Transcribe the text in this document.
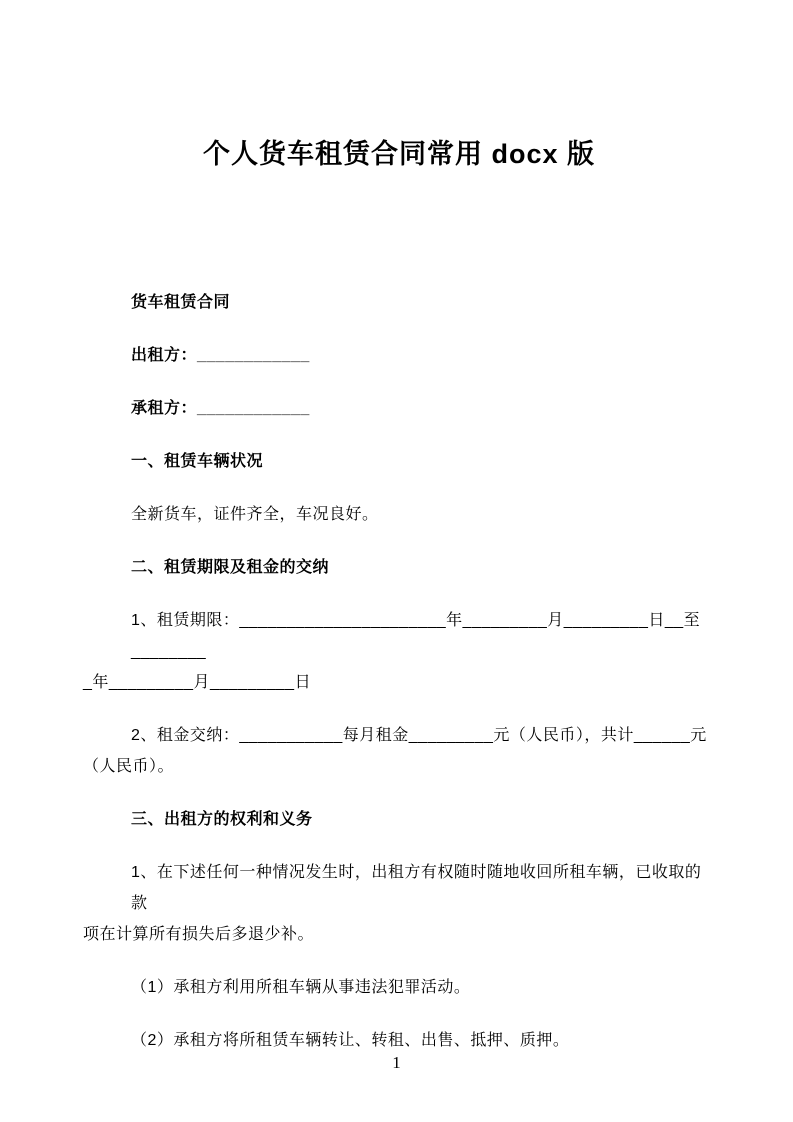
个人货车租赁合同常用 docx 版
货车租赁合同
出租方：____________
承租方：____________
一、租赁车辆状况
全新货车，证件齐全，车况良好。
二、租赁期限及租金的交纳
1、租赁期限：______________________年_________月_________日__至________
_年_________月_________日
2、租金交纳：___________每月租金_________元（人民币），共计______元
（人民币）。
三、出租方的权利和义务
1、在下述任何一种情况发生时，出租方有权随时随地收回所租车辆，已收取的款
项在计算所有损失后多退少补。
（1）承租方利用所租车辆从事违法犯罪活动。
（2）承租方将所租赁车辆转让、转租、出售、抵押、质押。
1
